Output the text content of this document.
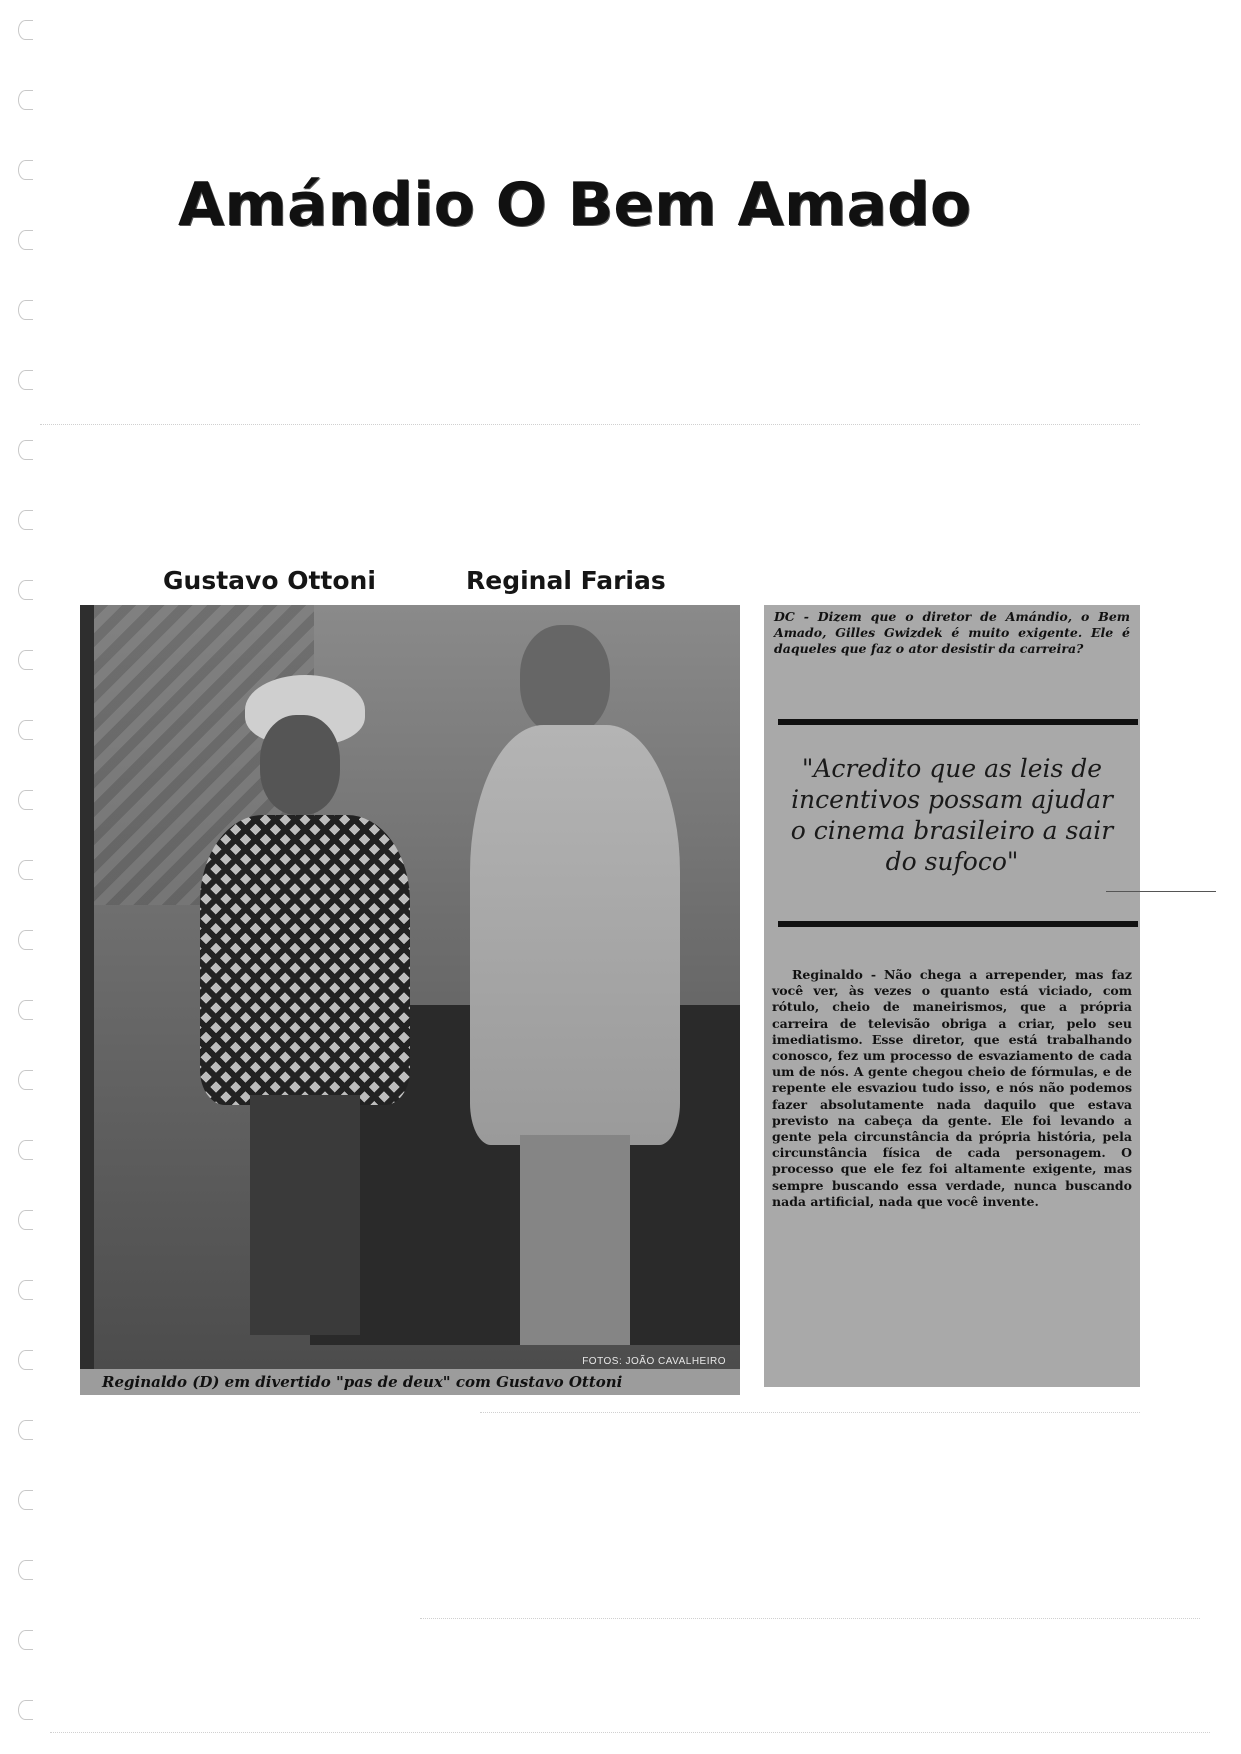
Amándio O Bem Amado
Gustavo Ottoni	Reginal Farias
FOTOS: JOÃO CAVALHEIRO

Reginaldo (D) em divertido "pas de deux" com Gustavo Ottoni

DC - Dizem que o diretor de Amándio, o Bem Amado, Gilles Gwizdek é muito exigente. Ele é daqueles que faz o ator desistir da carreira?

"Acredito que as leis de incentivos possam ajudar o cinema brasileiro a sair do sufoco"

Reginaldo - Não chega a arrepender, mas faz você ver, às vezes o quanto está viciado, com rótulo, cheio de maneirismos, que a própria carreira de televisão obriga a criar, pelo seu imediatismo. Esse diretor, que está trabalhando conosco, fez um processo de esvaziamento de cada um de nós. A gente chegou cheio de fórmulas, e de repente ele esvaziou tudo isso, e nós não podemos fazer absolutamente nada daquilo que estava previsto na cabeça da gente. Ele foi levando a gente pela circunstância da própria história, pela circunstância física de cada personagem. O processo que ele fez foi altamente exigente, mas sempre buscando essa verdade, nunca buscando nada artificial, nada que você invente.
